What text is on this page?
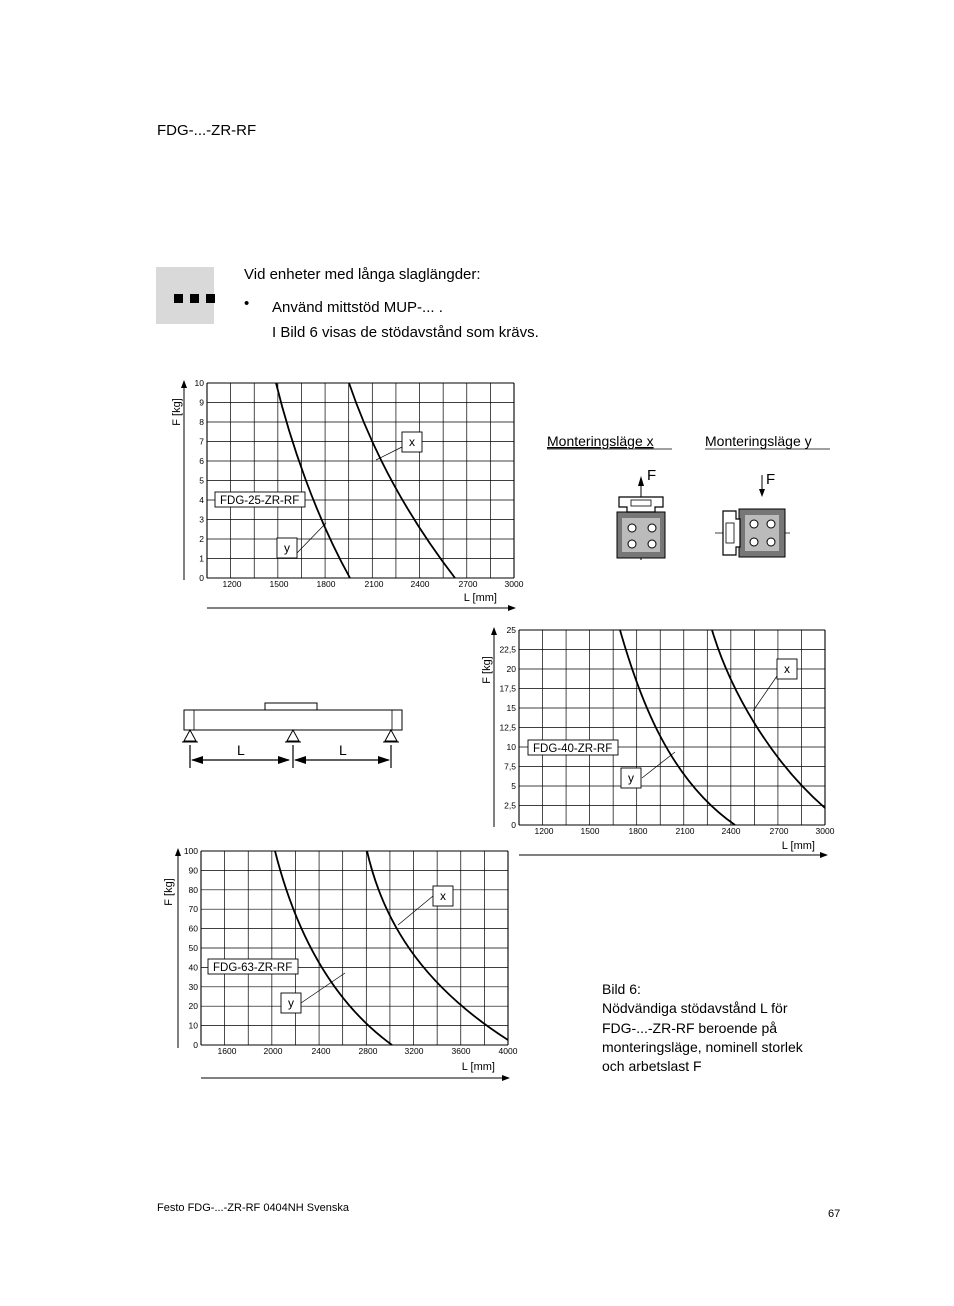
FDG-...-ZR-RF
Vid enheter med långa slaglängder:
• Använd mittstöd MUP-... .
I Bild 6 visas de stödavstånd som krävs.
0
1
2
3
4
5
6
7
8
9
10
1200	1500	1800	2100	2400	2700	3000
F [kg]
L [mm]
FDG-25-ZR-RF
x
y
0
2,5
5
7,5
10
12,5
15
17,5
20
22,5
25
1200	1500	1800	2100	2400	2700	3000
F [kg]
L [mm]
FDG-40-ZR-RF
x
y
0
10
20
30
40
50
60
70
80
90
100
1600	2000	2400	2800	3200	3600	4000
F [kg]
L [mm]
FDG-63-ZR-RF
x
y
Monteringsläge x	Monteringsläge y
F	F
L	L
Bild 6:
Nödvändiga stödavstånd L för
FDG-...-ZR-RF beroende på
monteringsläge, nominell storlek
och arbetslast F
Festo FDG-...-ZR-RF 0404NH Svenska	67
